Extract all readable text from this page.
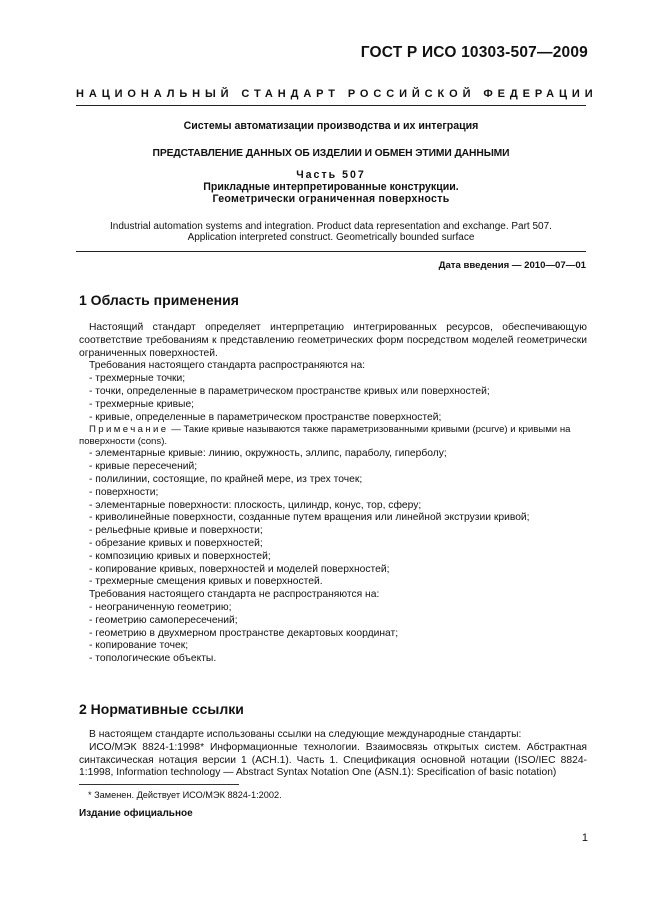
ГОСТ Р ИСО 10303-507—2009
НАЦИОНАЛЬНЫЙ СТАНДАРТ РОССИЙСКОЙ ФЕДЕРАЦИИ
Системы автоматизации производства и их интеграция
ПРЕДСТАВЛЕНИЕ ДАННЫХ ОБ ИЗДЕЛИИ И ОБМЕН ЭТИМИ ДАННЫМИ
Часть 507
Прикладные интерпретированные конструкции.
Геометрически ограниченная поверхность
Industrial automation systems and integration. Product data representation and exchange. Part 507.
Application interpreted construct. Geometrically bounded surface
Дата введения — 2010—07—01
1 Область применения

Настоящий стандарт определяет интерпретацию интегрированных ресурсов, обеспечивающую соответствие требованиям к представлению геометрических форм посредством моделей геометрически ограниченных поверхностей.

Требования настоящего стандарта распространяются на:

- трехмерные точки;
- точки, определенные в параметрическом пространстве кривых или поверхностей;
- трехмерные кривые;
- кривые, определенные в параметрическом пространстве поверхностей;

Примечание — Такие кривые называются также параметризованными кривыми (pcurve) и кривыми на поверхности (cons).

- элементарные кривые: линию, окружность, эллипс, параболу, гиперболу;
- кривые пересечений;
- полилинии, состоящие, по крайней мере, из трех точек;
- поверхности;
- элементарные поверхности: плоскость, цилиндр, конус, тор, сферу;
- криволинейные поверхности, созданные путем вращения или линейной экструзии кривой;
- рельефные кривые и поверхности;
- обрезание кривых и поверхностей;
- композицию кривых и поверхностей;
- копирование кривых, поверхностей и моделей поверхностей;
- трехмерные смещения кривых и поверхностей.

Требования настоящего стандарта не распространяются на:

- неограниченную геометрию;
- геометрию самопересечений;
- геометрию в двухмерном пространстве декартовых координат;
- копирование точек;
- топологические объекты.
2 Нормативные ссылки

В настоящем стандарте использованы ссылки на следующие международные стандарты:

ИСО/МЭК 8824-1:1998* Информационные технологии. Взаимосвязь открытых систем. Абстрактная синтаксическая нотация версии 1 (АСН.1). Часть 1. Спецификация основной нотации (ISO/IEC 8824-1:1998, Information technology — Abstract Syntax Notation One (ASN.1): Specification of basic notation)

* Заменен. Действует ИСО/МЭК 8824-1:2002.
Издание официальное
1
